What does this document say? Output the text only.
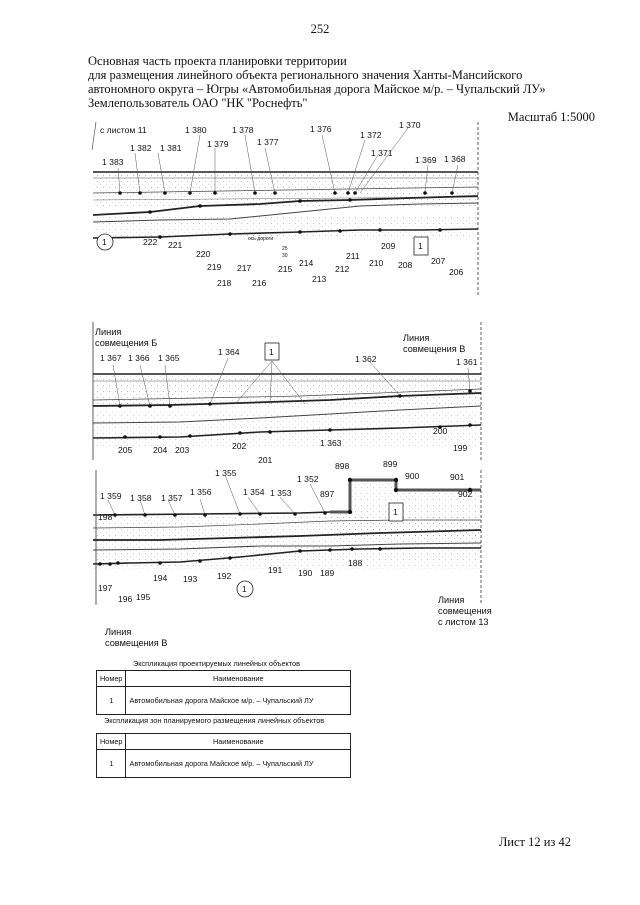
252
Основная часть проекта планировки территории
для размещения линейного объекта регионального значения Ханты-Мансийского
автономного округа – Югры «Автомобильная дорога Майское м/р. – Чупальский ЛУ»
Землепользователь ОАО "НК "Роснефть"
Масштаб 1:5000
с листом 11
1 383
1 382 1 381
1 380
1 379
1 378
1 377
1 376
1 372
1 371
1 370
1 369 1 368
222 221
220
219
218
217
216
215
214
213
212
211
210
209
208 207
206
1	1
ось дороги
25
30
Линия
совмещения Б	Линия
совмещения В
1 367 1 366 1 365
1 364
1 362	1 361
205 204 203	202
201
1 363
200
199
1
1 359 1 358 1 357
1 356
1 355
1 354 1 353
1 352
898	899
900	901
897	902
198
197
196 195
194 193 192
191 190 189
188
1
1
Линия
совмещения
с листом 13
Линия
совмещения В
Экспликация проектируемых линейных объектов
Номер	Наименование
1	Автомобильная дорога Майское м/р. – Чупальский ЛУ
Экспликация зон планируемого размещения линейных объектов
Номер	Наименование
1	Автомобильная дорога Майское м/р. – Чупальский ЛУ
Лист 12 из 42
